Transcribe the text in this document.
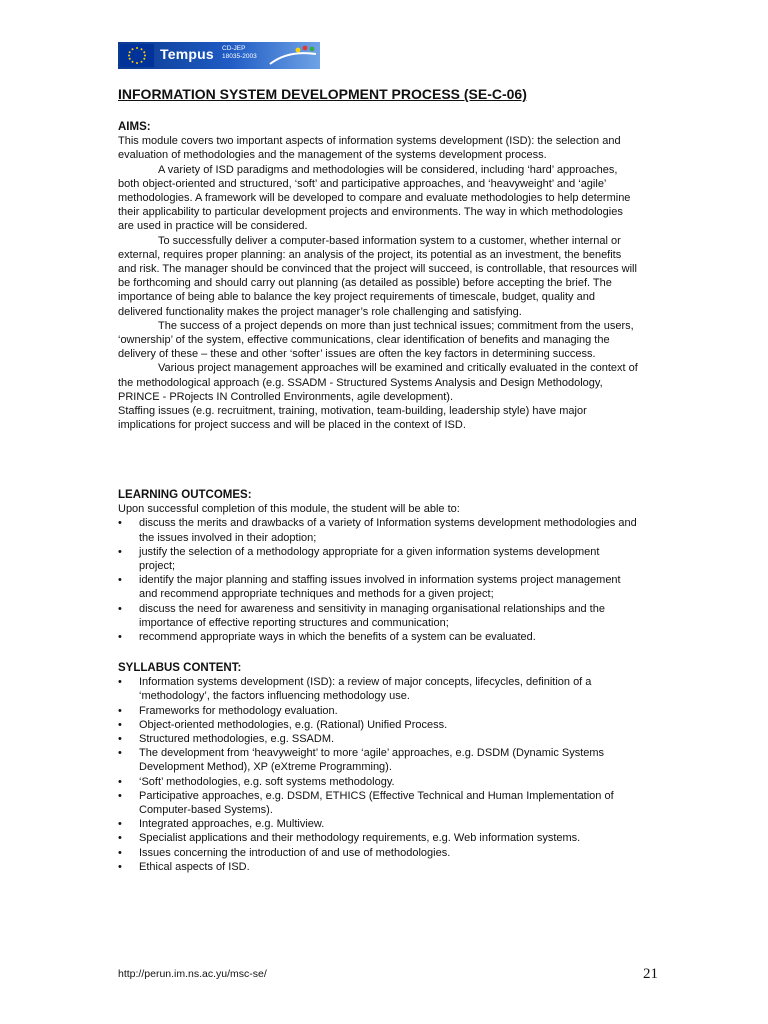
Tempus CD-JEP
18035-2003
INFORMATION SYSTEM DEVELOPMENT PROCESS (SE-C-06)

AIMS:

This module covers two important aspects of information systems development (ISD): the selection and evaluation of methodologies and the management of the systems development process.

A variety of ISD paradigms and methodologies will be considered, including ‘hard’ approaches, both object-oriented and structured, ‘soft’ and participative approaches, and ‘heavyweight’ and ‘agile’ methodologies. A framework will be developed to compare and evaluate methodologies to help determine their applicability to particular development projects and environments. The way in which methodologies are used in practice will be considered.

To successfully deliver a computer-based information system to a customer, whether internal or external, requires proper planning: an analysis of the project, its potential as an investment, the benefits and risk. The manager should be convinced that the project will succeed, is controllable, that resources will be forthcoming and should carry out planning (as detailed as possible) before accepting the brief. The importance of being able to balance the key project requirements of timescale, budget, quality and delivered functionality makes the project manager’s role challenging and satisfying.

The success of a project depends on more than just technical issues; commitment from the users, ‘ownership’ of the system, effective communications, clear identification of benefits and managing the delivery of these – these and other ‘softer’ issues are often the key factors in determining success.

Various project management approaches will be examined and critically evaluated in the context of the methodological approach (e.g. SSADM - Structured Systems Analysis and Design Methodology, PRINCE - PRojects IN Controlled Environments, agile development).

Staffing issues (e.g. recruitment, training, motivation, team-building, leadership style) have major implications for project success and will be placed in the context of ISD.

LEARNING OUTCOMES:

Upon successful completion of this module, the student will be able to:

• discuss the merits and drawbacks of a variety of Information systems development methodologies and the issues involved in their adoption;
• justify the selection of a methodology appropriate for a given information systems development project;
• identify the major planning and staffing issues involved in information systems project management and recommend appropriate techniques and methods for a given project;
• discuss the need for awareness and sensitivity in managing organisational relationships and the importance of effective reporting structures and communication;
• recommend appropriate ways in which the benefits of a system can be evaluated.

SYLLABUS CONTENT:

• Information systems development (ISD): a review of major concepts, lifecycles, definition of a ‘methodology’, the factors influencing methodology use.
• Frameworks for methodology evaluation.
• Object-oriented methodologies, e.g. (Rational) Unified Process.
• Structured methodologies, e.g. SSADM.
• The development from ‘heavyweight’ to more ‘agile’ approaches, e.g. DSDM (Dynamic Systems Development Method), XP (eXtreme Programming).
• ‘Soft’ methodologies, e.g. soft systems methodology.
• Participative approaches, e.g. DSDM, ETHICS (Effective Technical and Human Implementation of Computer-based Systems).
• Integrated approaches, e.g. Multiview.
• Specialist applications and their methodology requirements, e.g. Web information systems.
• Issues concerning the introduction of and use of methodologies.
• Ethical aspects of ISD.
http://perun.im.ns.ac.yu/msc-se/	21
